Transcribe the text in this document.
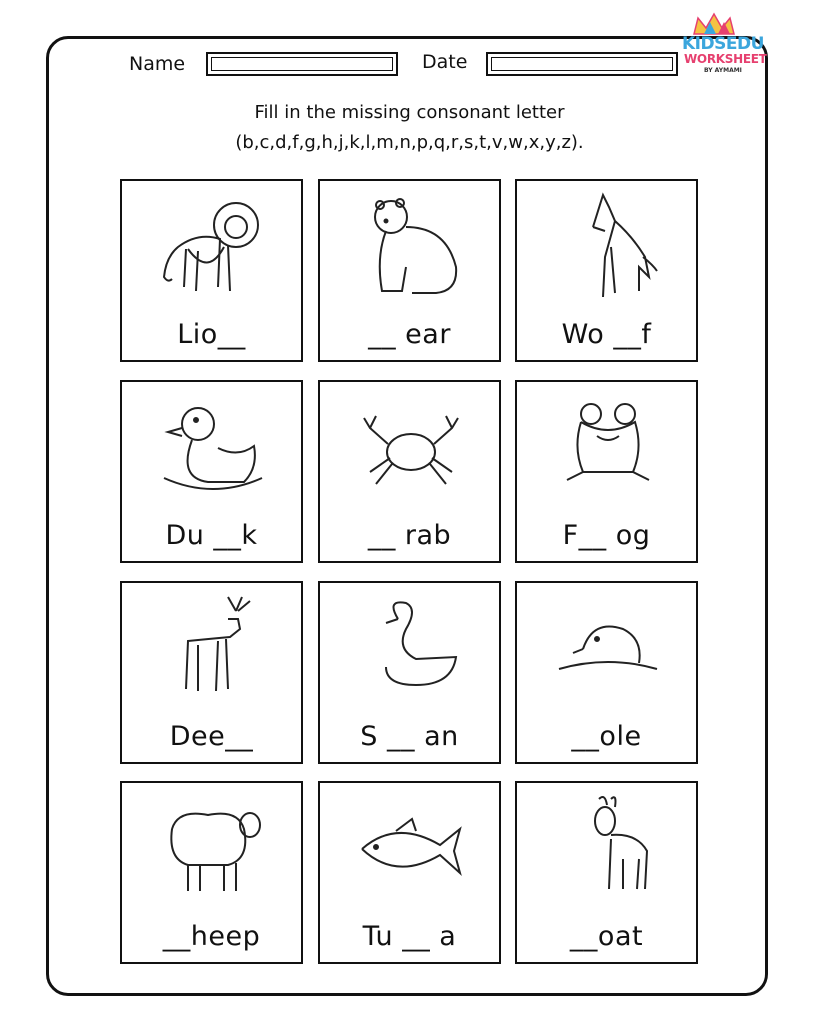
Name	Date
KIDSEDU
WORKSHEET
BY AYMAMI
Fill in the missing consonant letter
(b,c,d,f,g,h,j,k,l,m,n,p,q,r,s,t,v,w,x,y,z).
Lio__	__ ear	Wo __f
Du __k	__ rab	F__ og
Dee__	S __ an	__ole
__heep	Tu __ a	__oat
